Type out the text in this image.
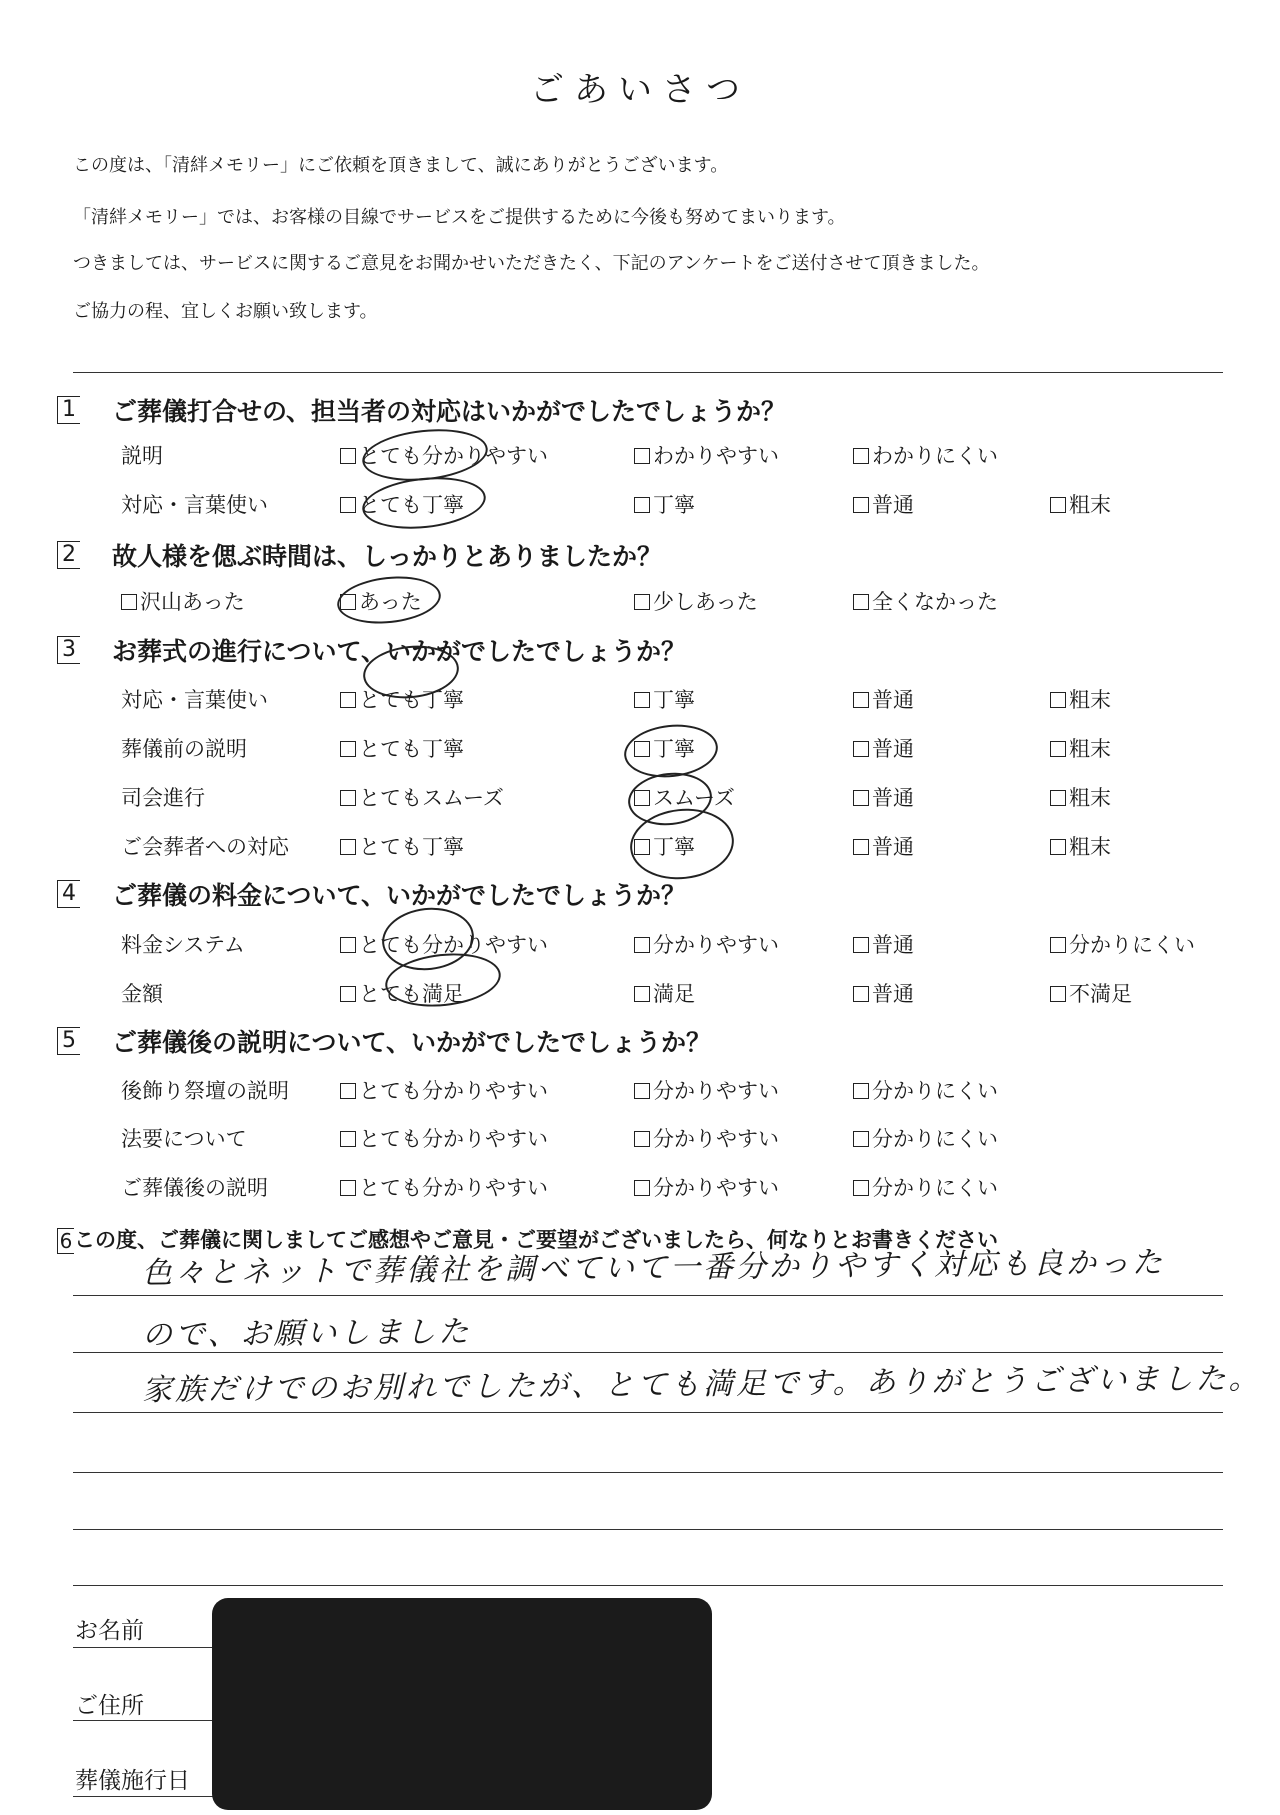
ごあいさつ
この度は、「清絆メモリー」にご依頼を頂きまして、誠にありがとうございます。
「清絆メモリー」では、お客様の目線でサービスをご提供するために今後も努めてまいります。
つきましては、サービスに関するご意見をお聞かせいただきたく、下記のアンケートをご送付させて頂きました。
ご協力の程、宜しくお願い致します。
1 ご葬儀打合せの、担当者の対応はいかがでしたでしょうか？
説明	とても分かりやすい	わかりやすい	わかりにくい
対応・言葉使い	とても丁寧	丁寧	普通	粗末
2 故人様を偲ぶ時間は、しっかりとありましたか？
沢山あった	あった	少しあった	全くなかった
3 お葬式の進行について、いかがでしたでしょうか？
対応・言葉使い	とても丁寧	丁寧	普通	粗末
葬儀前の説明	とても丁寧	丁寧	普通	粗末
司会進行	とてもスムーズ	スムーズ	普通	粗末
ご会葬者への対応	とても丁寧	丁寧	普通	粗末
4 ご葬儀の料金について、いかがでしたでしょうか？
料金システム	とても分かりやすい	分かりやすい	普通	分かりにくい
金額	とても満足	満足	普通	不満足
5 ご葬儀後の説明について、いかがでしたでしょうか？
後飾り祭壇の説明	とても分かりやすい	分かりやすい	分かりにくい
法要について	とても分かりやすい	分かりやすい	分かりにくい
ご葬儀後の説明	とても分かりやすい	分かりやすい	分かりにくい
6この度、ご葬儀に関しましてご感想やご意見・ご要望がございましたら、何なりとお書きください
色々とネットで葬儀社を調べていて一番分かりやすく対応も良かった
ので、お願いしました
家族だけでのお別れでしたが、とても満足です。ありがとうございました。
お名前
ご住所
葬儀施行日
